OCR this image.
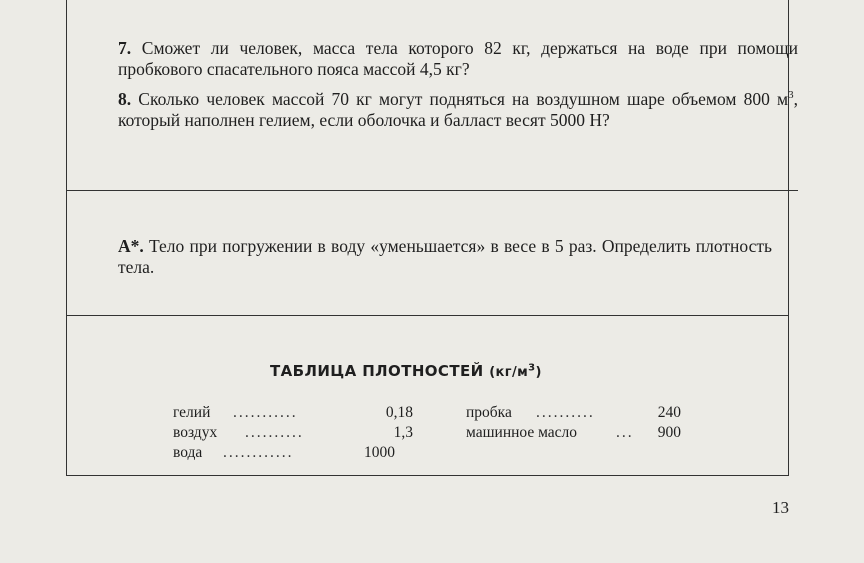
7. Сможет ли человек, масса тела которого 82 кг, держаться на воде при помощи пробкового спасательного пояса массой 4,5 кг?

8. Сколько человек массой 70 кг могут подняться на воздушном шаре объемом 800 $м^3$, который наполнен гелием, если оболочка и балласт весят 5000 Н?

А*. Тело при погружении в воду «уменьшается» в весе в 5 раз. Определить плотность тела.

ТАБЛИЦА ПЛОТНОСТЕЙ $(кг/м^3)$

гелий ...........	0,18
воздух ..........	1,3
вода ............	1000
пробка ..........	240
машинное масло	... 900
13
